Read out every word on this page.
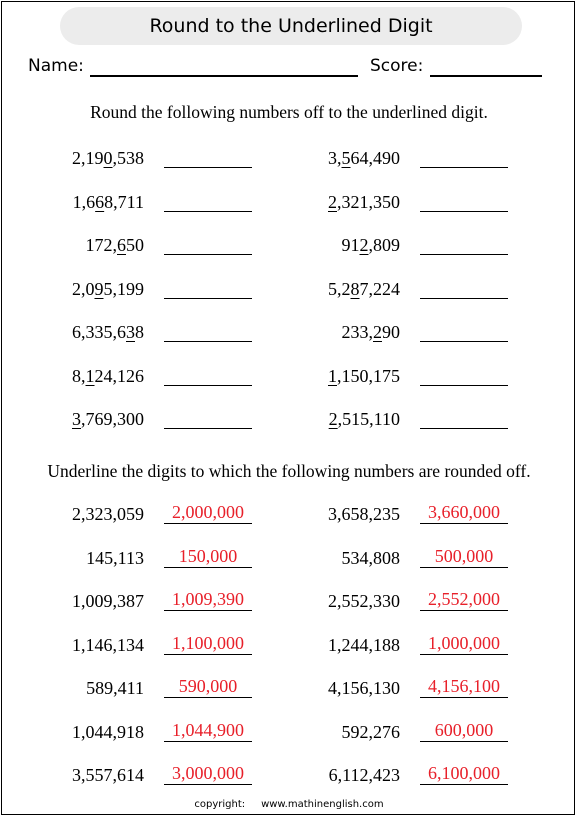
Round to the Underlined Digit
Name:	Score:
Round the following numbers off to the underlined digit.
2,190,538
1,668,711
172,650
2,095,199
6,335,638
8,124,126
3,769,300
3,564,490
2,321,350
912,809
5,287,224
233,290
1,150,175
2,515,110
Underline the digits to which the following numbers are rounded off.
2,323,059	2,000,000
145,113	150,000
1,009,387	1,009,390
1,146,134	1,100,000
589,411	590,000
1,044,918	1,044,900
3,557,614	3,000,000
3,658,235	3,660,000
534,808	500,000
2,552,330	2,552,000
1,244,188	1,000,000
4,156,130	4,156,100
592,276	600,000
6,112,423	6,100,000
copyright: www.mathinenglish.com
